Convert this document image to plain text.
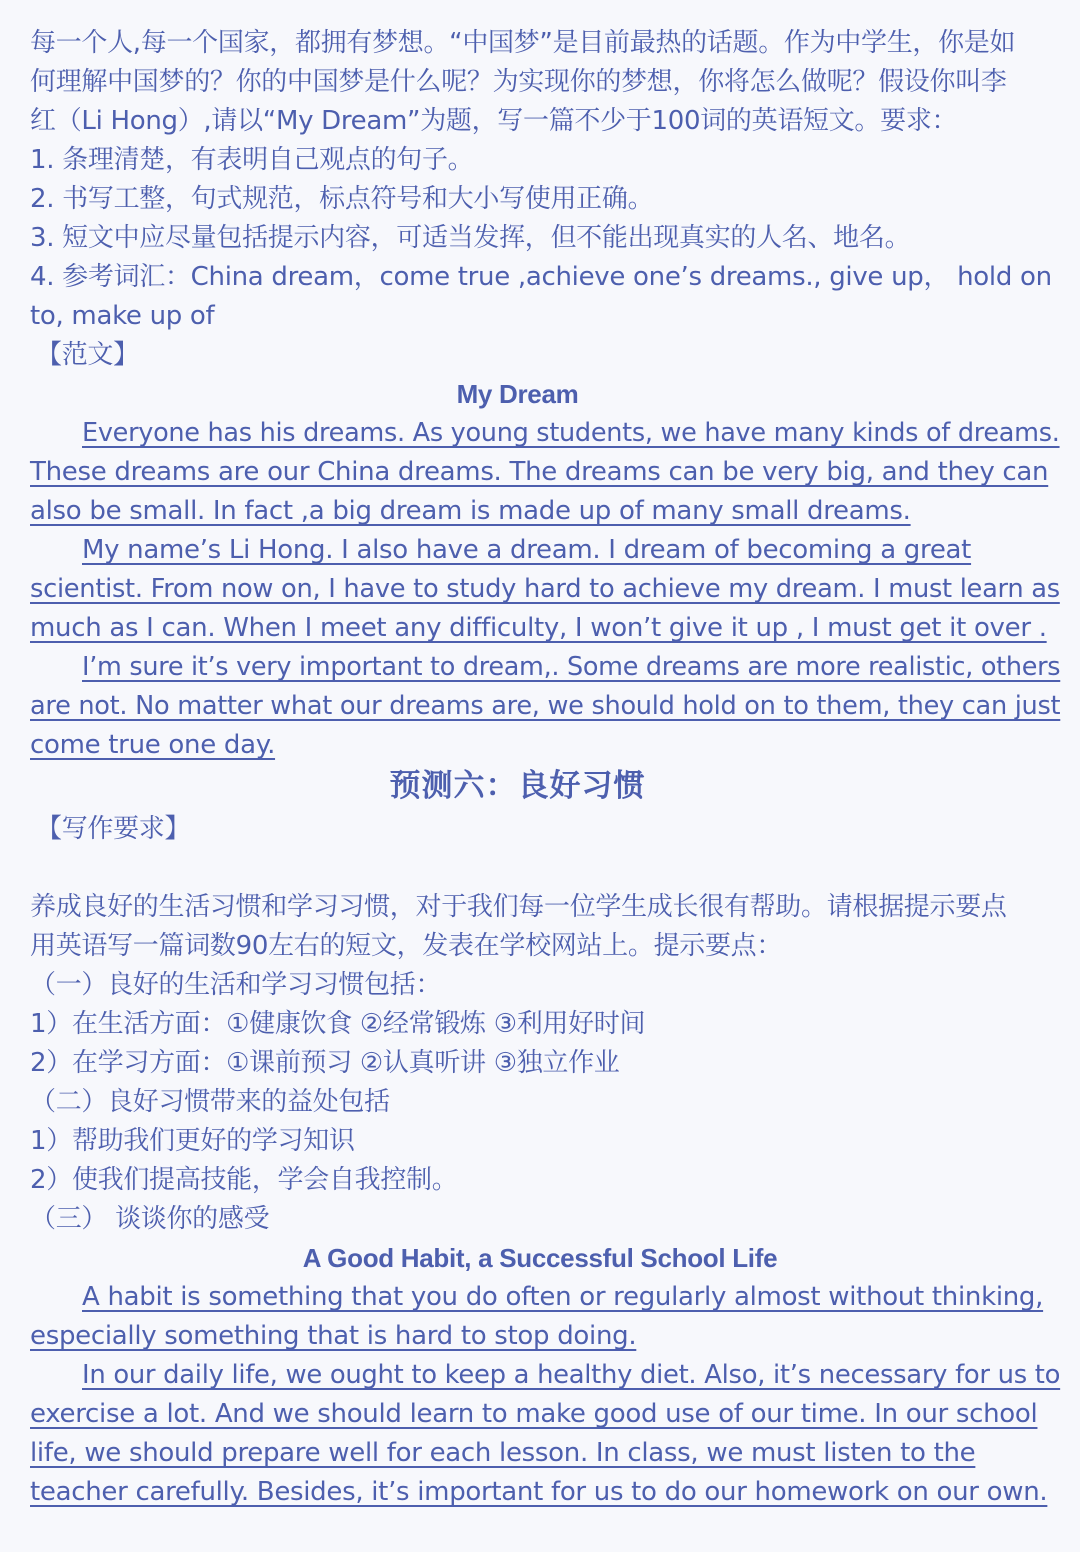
每一个人,每一个国家，都拥有梦想。“中国梦”是目前最热的话题。作为中学生，你是如
何理解中国梦的？你的中国梦是什么呢？为实现你的梦想，你将怎么做呢？假设你叫李
红（Li Hong）,请以“My Dream”为题，写一篇不少于100词的英语短文。要求：
1. 条理清楚，有表明自己观点的句子。
2. 书写工整，句式规范，标点符号和大小写使用正确。
3. 短文中应尽量包括提示内容，可适当发挥，但不能出现真实的人名、地名。
4. 参考词汇：China dream，come true ,achieve one’s dreams., give up， hold on
to, make up of
【范文】
My Dream
Everyone has his dreams. As young students, we have many kinds of dreams.
These dreams are our China dreams. The dreams can be very big, and they can
also be small. In fact ,a big dream is made up of many small dreams.
My name’s Li Hong. I also have a dream. I dream of becoming a great
scientist. From now on, I have to study hard to achieve my dream. I must learn as
much as I can. When I meet any difficulty, I won’t give it up , I must get it over .
I’m sure it’s very important to dream,. Some dreams are more realistic, others
are not. No matter what our dreams are, we should hold on to them, they can just
come true one day.
预测六：良好习惯
【写作要求】
养成良好的生活习惯和学习习惯，对于我们每一位学生成长很有帮助。请根据提示要点
用英语写一篇词数90左右的短文，发表在学校网站上。提示要点：
（一）良好的生活和学习习惯包括：
1）在生活方面：①健康饮食 ②经常锻炼 ③利用好时间
2）在学习方面：①课前预习 ②认真听讲 ③独立作业
（二）良好习惯带来的益处包括
1）帮助我们更好的学习知识
2）使我们提高技能，学会自我控制。
（三） 谈谈你的感受
A Good Habit, a Successful School Life
A habit is something that you do often or regularly almost without thinking,
especially something that is hard to stop doing.
In our daily life, we ought to keep a healthy diet. Also, it’s necessary for us to
exercise a lot. And we should learn to make good use of our time. In our school
life, we should prepare well for each lesson. In class, we must listen to the
teacher carefully. Besides, it’s important for us to do our homework on our own.
